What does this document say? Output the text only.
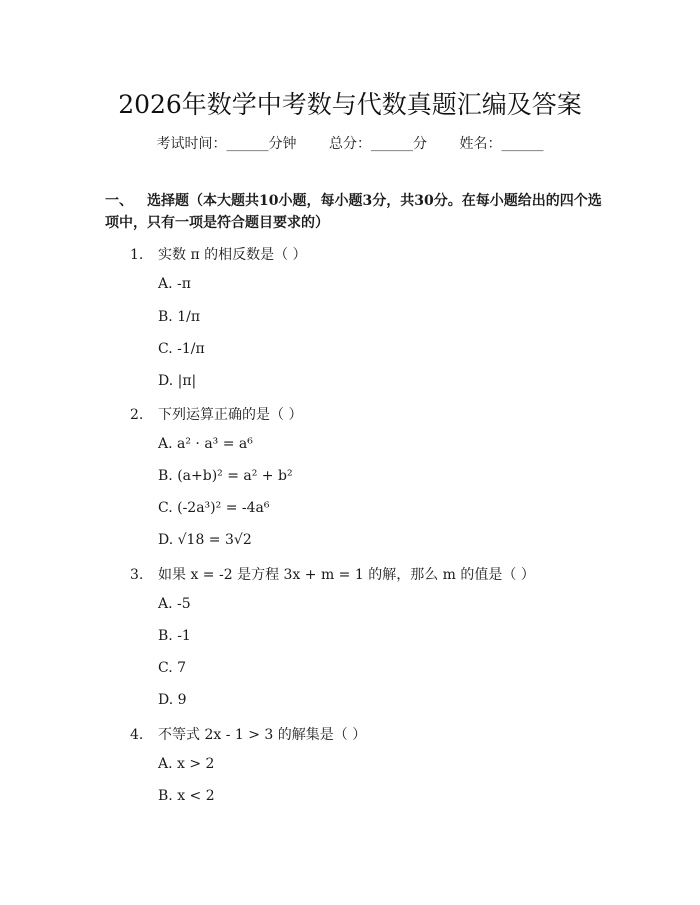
2026年数学中考数与代数真题汇编及答案
考试时间：______分钟 总分：______分 姓名：______
一、 选择题（本大题共10小题，每小题3分，共30分。在每小题给出的四个选项中，只有一项是符合题目要求的）
1. 实数 π 的相反数是（ ）
A. -π
B. 1/π
C. -1/π
D. |π|
2. 下列运算正确的是（ ）
A. a² · a³ = a⁶
B. (a+b)² = a² + b²
C. (-2a³)² = -4a⁶
D. √18 = 3√2
3. 如果 x = -2 是方程 3x + m = 1 的解，那么 m 的值是（ ）
A. -5
B. -1
C. 7
D. 9
4. 不等式 2x - 1 > 3 的解集是（ ）
A. x > 2
B. x < 2
